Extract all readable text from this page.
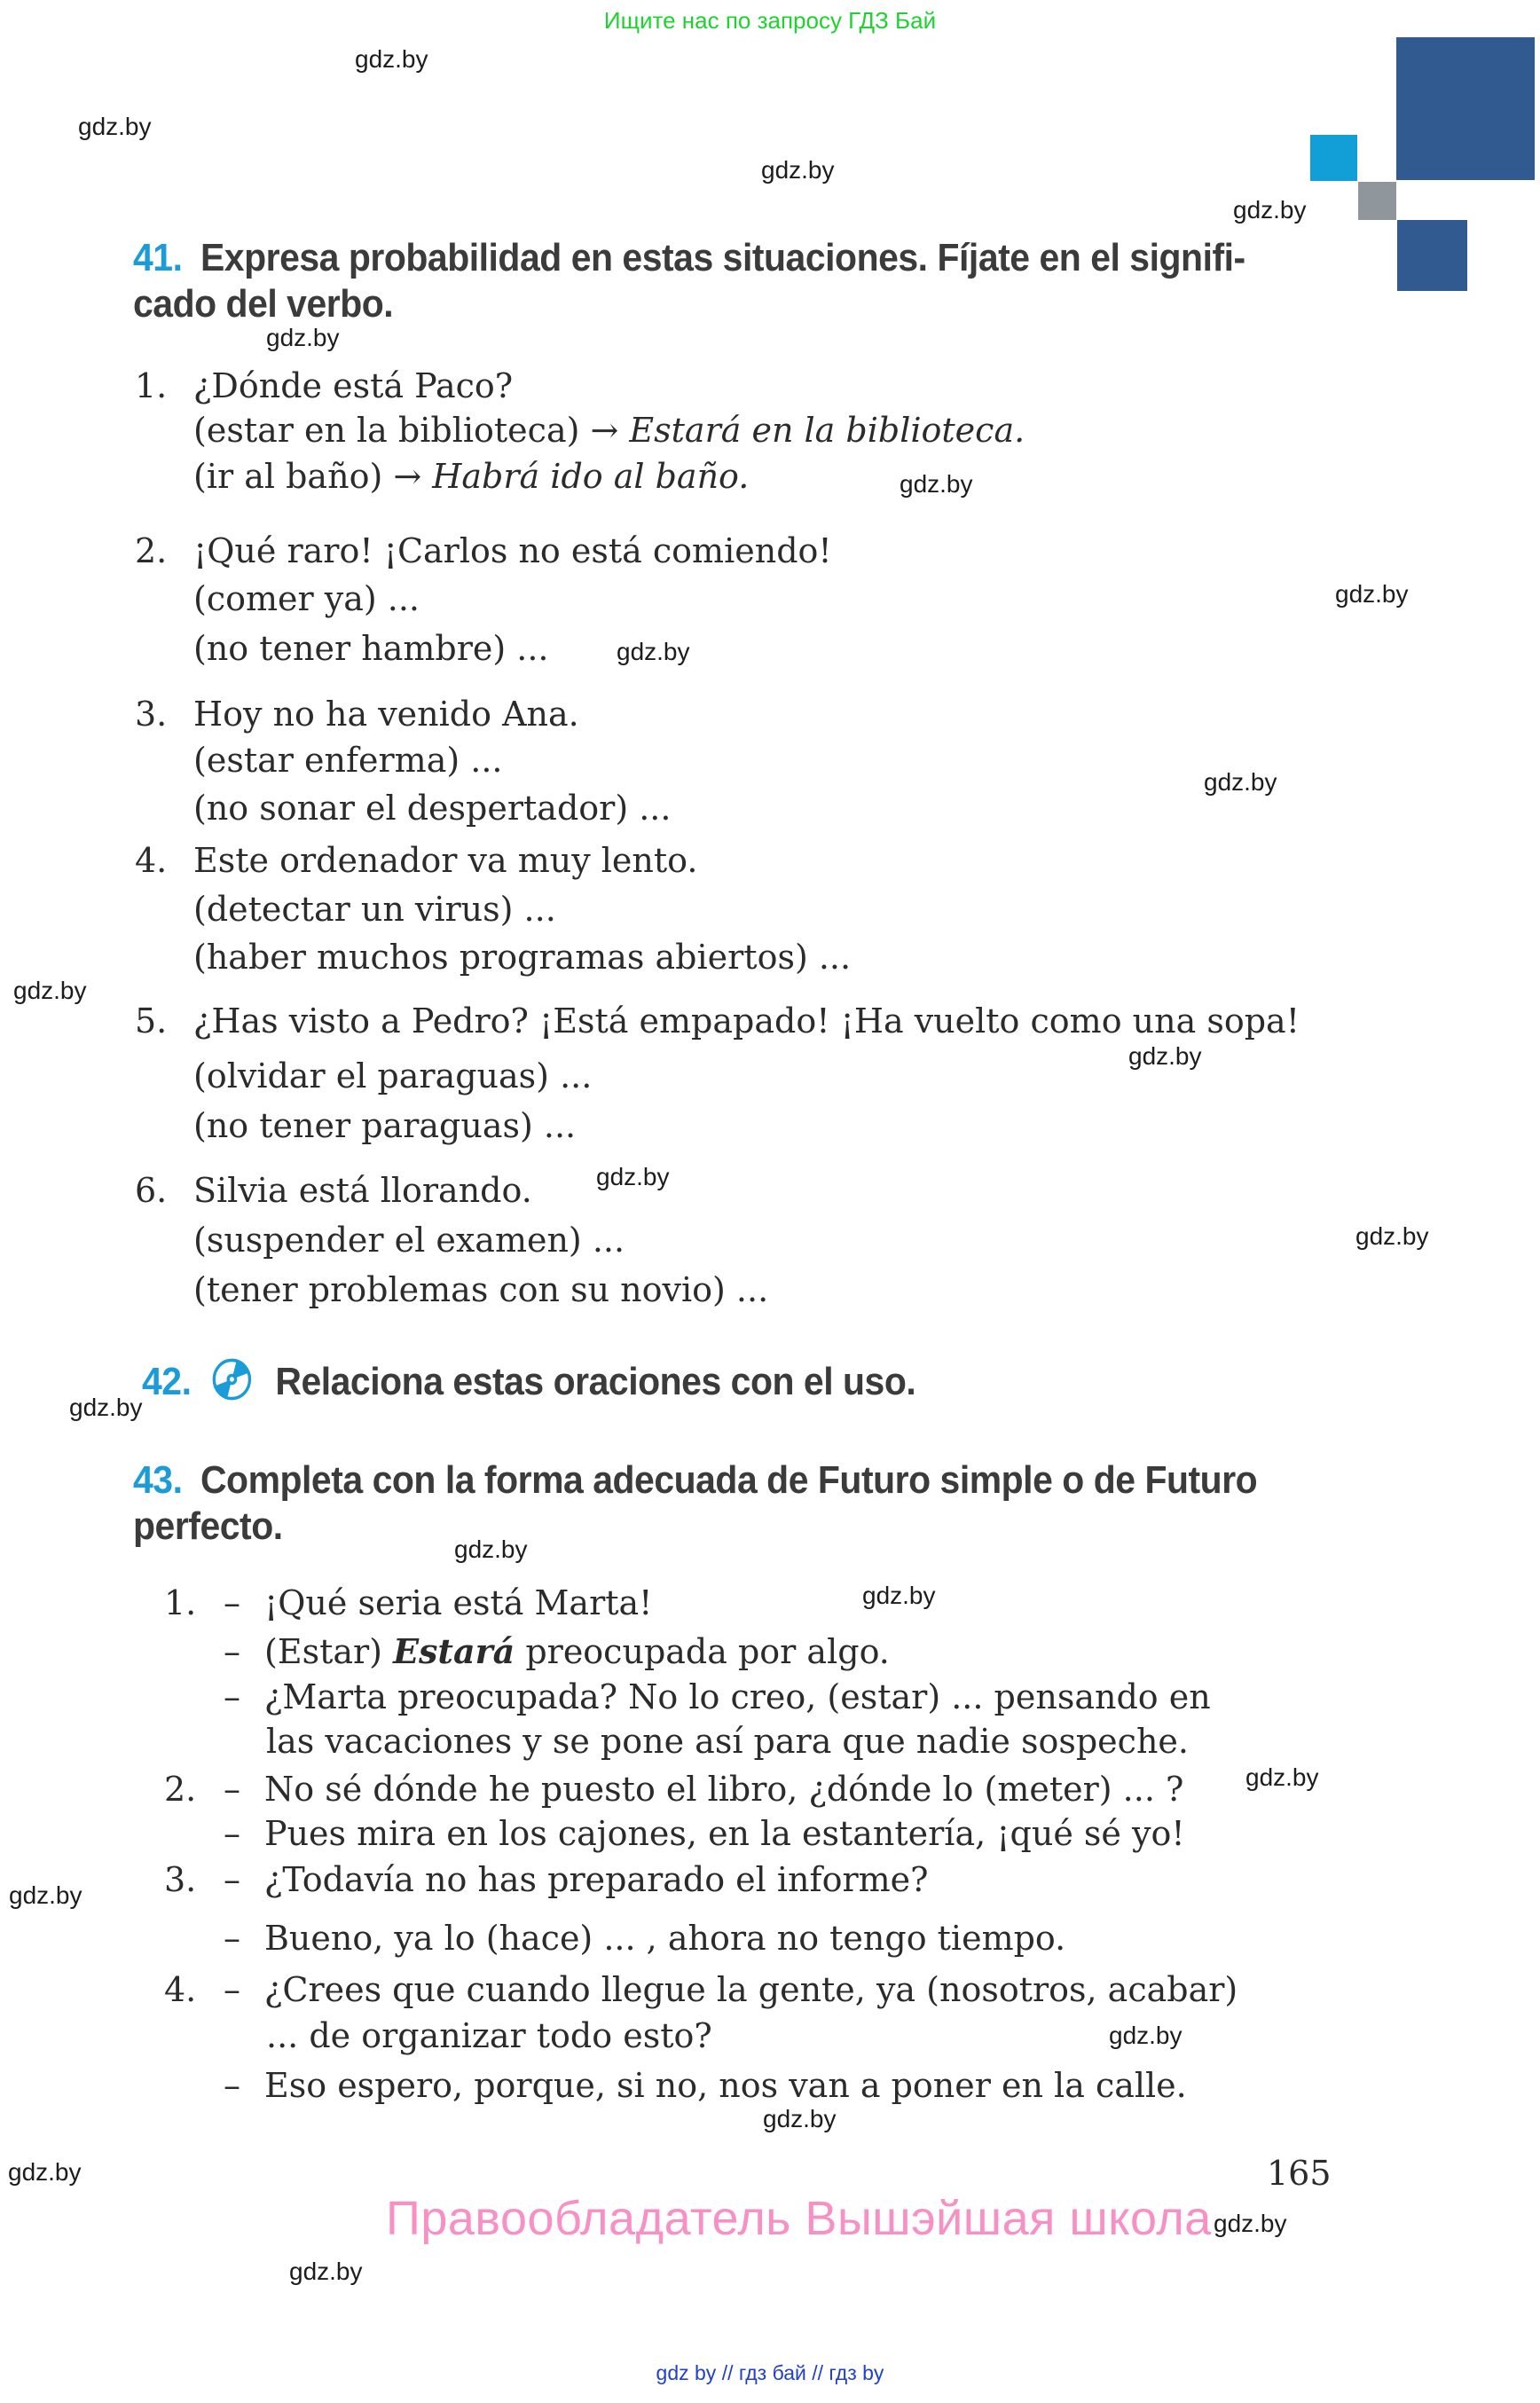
Ищите нас по запросу ГДЗ Бай
41. Expresa probabilidad en estas situaciones. Fíjate en el signifi-
cado del verbo.
1. ¿Dónde está Paco?
(estar en la biblioteca) → Estará en la biblioteca.
(ir al baño) → Habrá ido al baño.
2. ¡Qué raro! ¡Carlos no está comiendo!
(comer ya) ...
(no tener hambre) ...
3. Hoy no ha venido Ana.
(estar enferma) ...
(no sonar el despertador) ...
4. Este ordenador va muy lento.
(detectar un virus) ...
(haber muchos programas abiertos) ...
5. ¿Has visto a Pedro? ¡Está empapado! ¡Ha vuelto como una sopa!
(olvidar el paraguas) ...
(no tener paraguas) ...
6. Silvia está llorando.
(suspender el examen) ...
(tener problemas con su novio) ...
42. Relaciona estas oraciones con el uso.
43. Completa con la forma adecuada de Futuro simple o de Futuro
perfecto.
1. – ¡Qué seria está Marta!
– (Estar) Estará preocupada por algo.
– ¿Marta preocupada? No lo creo, (estar) ... pensando en
las vacaciones y se pone así para que nadie sospeche.
2. – No sé dónde he puesto el libro, ¿dónde lo (meter) ... ?
– Pues mira en los cajones, en la estantería, ¡qué sé yo!
3. – ¿Todavía no has preparado el informe?
– Bueno, ya lo (hace) ... , ahora no tengo tiempo.
4. – ¿Crees que cuando llegue la gente, ya (nosotros, acabar)
... de organizar todo esto?
– Eso espero, porque, si no, nos van a poner en la calle.
165
Правообладатель Вышэйшая школа
gdz by // гдз бай // гдз by
gdz.by
gdz.by
gdz.by
gdz.by
gdz.by
gdz.by
gdz.by
gdz.by
gdz.by
gdz.by
gdz.by
gdz.by
gdz.by
gdz.by
gdz.by
gdz.by
gdz.by
gdz.by
gdz.by
gdz.by
gdz.by
gdz.by
gdz.by
